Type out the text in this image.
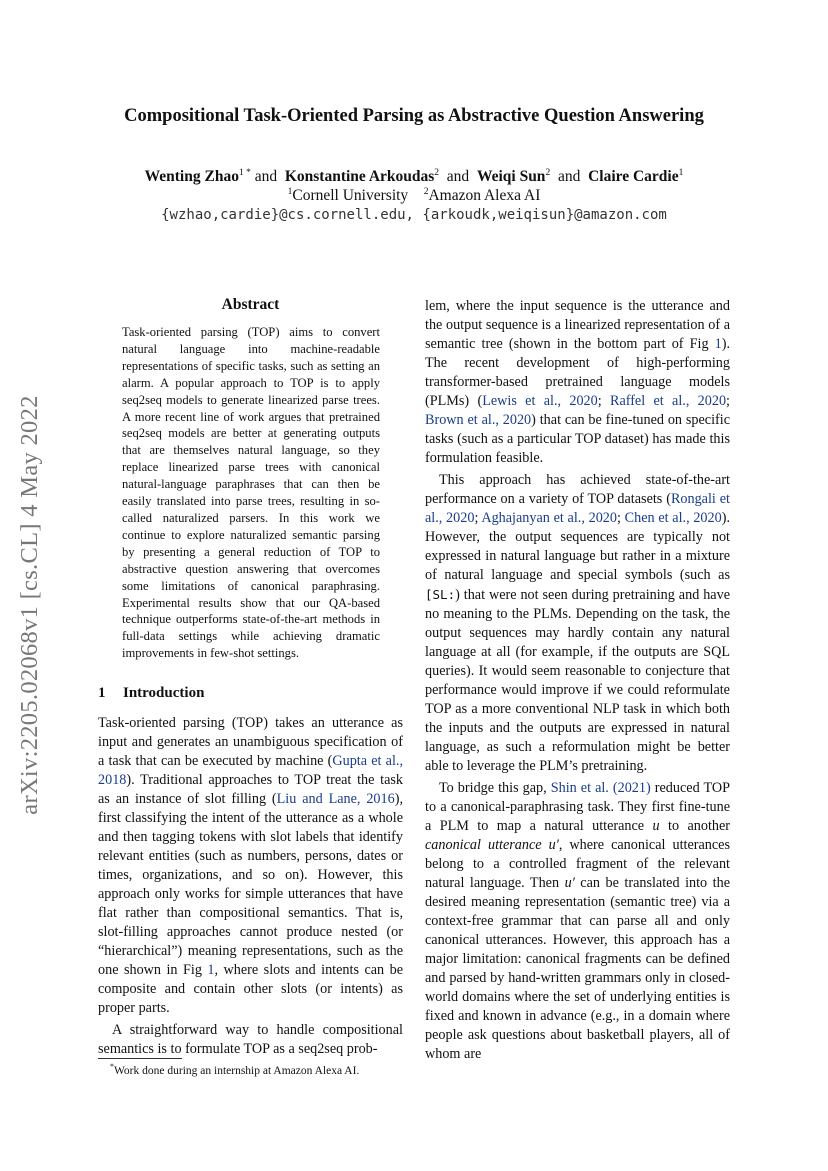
arXiv:2205.02068v1 [cs.CL] 4 May 2022
Compositional Task-Oriented Parsing as Abstractive Question Answering
Wenting Zhao$^{1 *}$ and Konstantine Arkoudas$^2$ and Weiqi Sun$^2$ and Claire Cardie$^1$
$^1$Cornell University $^2$Amazon Alexa AI
{wzhao,cardie}@cs.cornell.edu, {arkoudk,weiqisun}@amazon.com
Abstract
Task-oriented parsing (TOP) aims to convert natural language into machine-readable representations of specific tasks, such as setting an alarm. A popular approach to TOP is to apply seq2seq models to generate linearized parse trees. A more recent line of work argues that pretrained seq2seq models are better at generating outputs that are themselves natural language, so they replace linearized parse trees with canonical natural-language paraphrases that can then be easily translated into parse trees, resulting in so-called naturalized parsers. In this work we continue to explore naturalized semantic parsing by presenting a general reduction of TOP to abstractive question answering that overcomes some limitations of canonical paraphrasing. Experimental results show that our QA-based technique outperforms state-of-the-art methods in full-data settings while achieving dramatic improvements in few-shot settings.
1 Introduction

Task-oriented parsing (TOP) takes an utterance as input and generates an unambiguous specification of a task that can be executed by machine (Gupta et al., 2018). Traditional approaches to TOP treat the task as an instance of slot filling (Liu and Lane, 2016), first classifying the intent of the utterance as a whole and then tagging tokens with slot labels that identify relevant entities (such as numbers, persons, dates or times, organizations, and so on). However, this approach only works for simple utterances that have flat rather than compositional semantics. That is, slot-filling approaches cannot produce nested (or “hierarchical”) meaning representations, such as the one shown in Fig 1, where slots and intents can be composite and contain other slots (or intents) as proper parts.

A straightforward way to handle compositional semantics is to formulate TOP as a seq2seq prob-

lem, where the input sequence is the utterance and the output sequence is a linearized representation of a semantic tree (shown in the bottom part of Fig 1). The recent development of high-performing transformer-based pretrained language models (PLMs) (Lewis et al., 2020; Raffel et al., 2020; Brown et al., 2020) that can be fine-tuned on specific tasks (such as a particular TOP dataset) has made this formulation feasible.

This approach has achieved state-of-the-art performance on a variety of TOP datasets (Rongali et al., 2020; Aghajanyan et al., 2020; Chen et al., 2020). However, the output sequences are typically not expressed in natural language but rather in a mixture of natural language and special symbols (such as [SL:) that were not seen during pretraining and have no meaning to the PLMs. Depending on the task, the output sequences may hardly contain any natural language at all (for example, if the outputs are SQL queries). It would seem reasonable to conjecture that performance would improve if we could reformulate TOP as a more conventional NLP task in which both the inputs and the outputs are expressed in natural language, as such a reformulation might be better able to leverage the PLM’s pretraining.

To bridge this gap, Shin et al. (2021) reduced TOP to a canonical-paraphrasing task. They first fine-tune a PLM to map a natural utterance u to another canonical utterance u′, where canonical utterances belong to a controlled fragment of the relevant natural language. Then u′ can be translated into the desired meaning representation (semantic tree) via a context-free grammar that can parse all and only canonical utterances. However, this approach has a major limitation: canonical fragments can be defined and parsed by hand-written grammars only in closed-world domains where the set of underlying entities is fixed and known in advance (e.g., in a domain where people ask questions about basketball players, all of whom are

*Work done during an internship at Amazon Alexa AI.
